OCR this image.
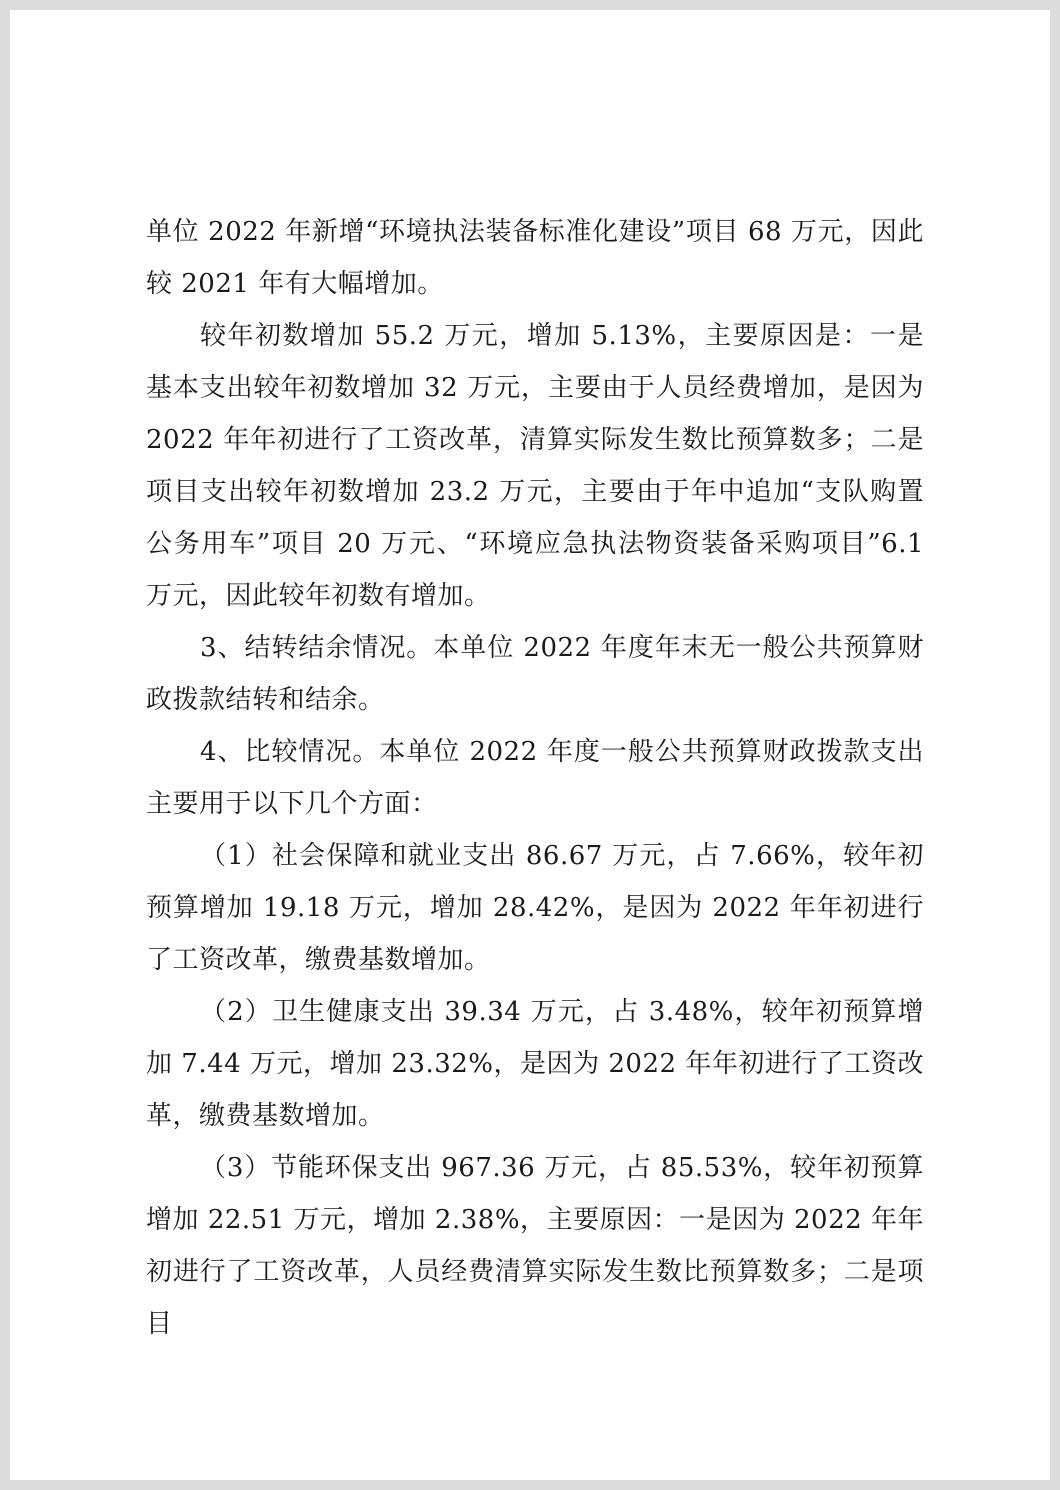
单位 2022 年新增“环境执法装备标准化建设”项目 68 万元，因此较 2021 年有大幅增加。

较年初数增加 55.2 万元，增加 5.13%，主要原因是：一是基本支出较年初数增加 32 万元，主要由于人员经费增加，是因为 2022 年年初进行了工资改革，清算实际发生数比预算数多；二是项目支出较年初数增加 23.2 万元，主要由于年中追加“支队购置公务用车”项目 20 万元、“环境应急执法物资装备采购项目”6.1 万元，因此较年初数有增加。

3、结转结余情况。本单位 2022 年度年末无一般公共预算财政拨款结转和结余。

4、比较情况。本单位 2022 年度一般公共预算财政拨款支出主要用于以下几个方面：

（1）社会保障和就业支出 86.67 万元，占 7.66%，较年初预算增加 19.18 万元，增加 28.42%，是因为 2022 年年初进行了工资改革，缴费基数增加。

（2）卫生健康支出 39.34 万元，占 3.48%，较年初预算增加 7.44 万元，增加 23.32%，是因为 2022 年年初进行了工资改革，缴费基数增加。

（3）节能环保支出 967.36 万元，占 85.53%，较年初预算增加 22.51 万元，增加 2.38%，主要原因：一是因为 2022 年年初进行了工资改革，人员经费清算实际发生数比预算数多；二是项目
